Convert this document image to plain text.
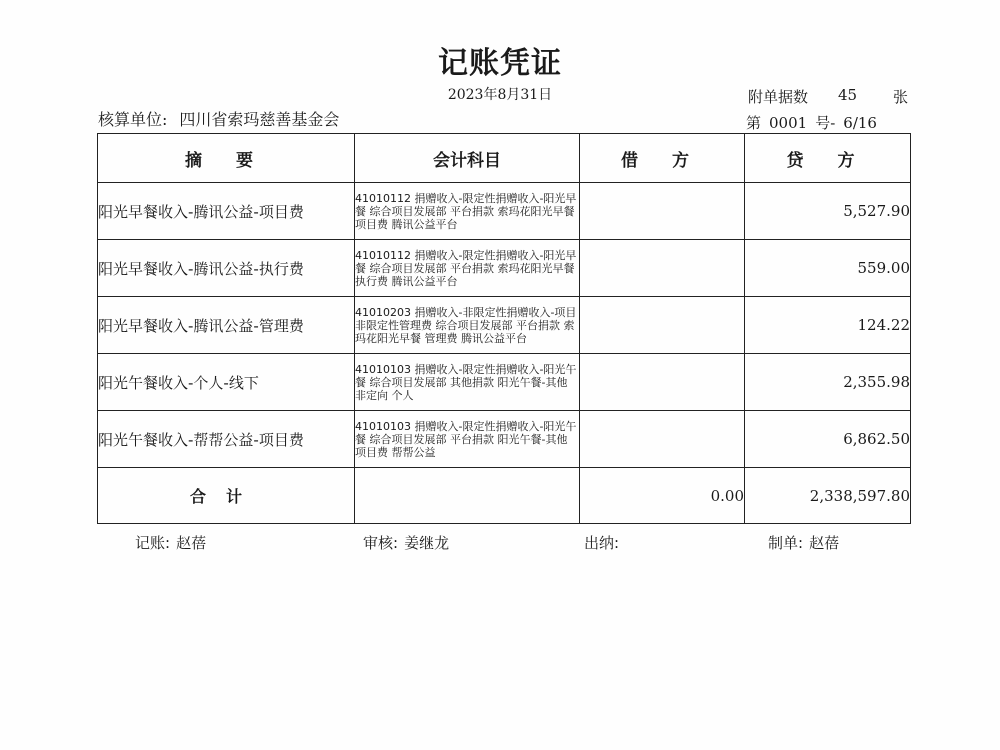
记账凭证
2023年8月31日	附单据数 45 张
核算单位: 四川省索玛慈善基金会	第 0001 号- 6/16
摘 要	会计科目	借 方	贷 方
阳光早餐收入-腾讯公益-项目费	41010112 捐赠收入-限定性捐赠收入-阳光早餐 综合项目发展部 平台捐款 索玛花阳光早餐 项目费 腾讯公益平台		5,527.90
阳光早餐收入-腾讯公益-执行费	41010112 捐赠收入-限定性捐赠收入-阳光早餐 综合项目发展部 平台捐款 索玛花阳光早餐 执行费 腾讯公益平台		559.00
阳光早餐收入-腾讯公益-管理费	41010203 捐赠收入-非限定性捐赠收入-项目非限定性管理费 综合项目发展部 平台捐款 索玛花阳光早餐 管理费 腾讯公益平台		124.22
阳光午餐收入-个人-线下	41010103 捐赠收入-限定性捐赠收入-阳光午餐 综合项目发展部 其他捐款 阳光午餐-其他 非定向 个人		2,355.98
阳光午餐收入-帮帮公益-项目费	41010103 捐赠收入-限定性捐赠收入-阳光午餐 综合项目发展部 平台捐款 阳光午餐-其他 项目费 帮帮公益		6,862.50
合计		0.00	2,338,597.80
记账: 赵蓓	审核: 姜继龙	出纳:	制单: 赵蓓
